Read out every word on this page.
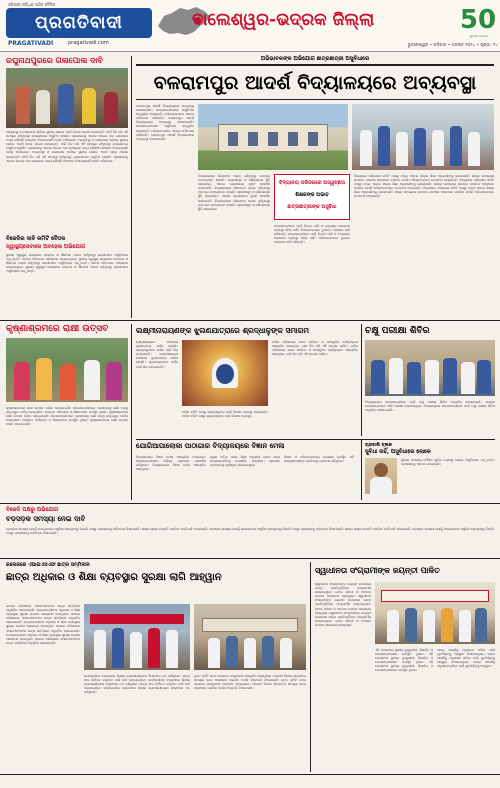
ଓଡ଼ିଶାର ସର୍ବାଧିକ ପଠିତ ଦୈନିକ
ପ୍ରଗତିବାଦୀ
PRAGATIVADI	pragativadi.com
ବାଲେଶ୍ୱର-ଭଦ୍ରକ ଜିଲ୍ଲା	50
ସୁବର୍ଣ୍ଣ ଜୟନ୍ତୀ
ଭୁବନେଶ୍ୱର • ରବିବାର • ଅଗଷ୍ଟ ୨୦୨୪ • ପୃଷ୍ଠା: ୧୪
ରଘୁନାଥପୁରରେ ଗଳାପୋଲ ଦାବି
ଅବ୍ୟବସ୍ଥା ଓ ଗଳାପୋଲ ଦାବିରେ ସ୍ଥାନୀୟ ଲୋକେ ଏକାଠି ହୋଇ ଧାରଣା ଦେଇଛନ୍ତି। ଦୀର୍ଘ ଦିନ ଧରି ଏହି ସମସ୍ୟା ରହିଥିବାରୁ ଯାତାୟାତରେ ଅସୁବିଧା ହେଉଛି। ପ୍ରଶାସନକୁ ଏନେଇ ଅନେକ ଥର ଜଣାଇଲେ ମଧ୍ୟ କୌଣସି ପଦକ୍ଷେପ ନିଆଯାଇନାହିଁ ବୋଲି ଅଭିଯୋଗ। ଅବ୍ୟବସ୍ଥା ଓ ଗଳାପୋଲ ଦାବିରେ ସ୍ଥାନୀୟ ଲୋକେ ଏକାଠି ହୋଇ ଧାରଣା ଦେଇଛନ୍ତି। ଦୀର୍ଘ ଦିନ ଧରି ଏହି ସମସ୍ୟା ରହିଥିବାରୁ ଯାତାୟାତରେ ଅସୁବିଧା ହେଉଛି। ପ୍ରଶାସନକୁ ଏନେଇ ଅନେକ ଥର ଜଣାଇଲେ ମଧ୍ୟ କୌଣସି ପଦକ୍ଷେପ ନିଆଯାଇନାହିଁ ବୋଲି ଅଭିଯୋଗ। ଅବ୍ୟବସ୍ଥା ଓ ଗଳାପୋଲ ଦାବିରେ ସ୍ଥାନୀୟ ଲୋକେ ଏକାଠି ହୋଇ ଧାରଣା ଦେଇଛନ୍ତି। ଦୀର୍ଘ ଦିନ ଧରି ଏହି ସମସ୍ୟା ରହିଥିବାରୁ ଯାତାୟାତରେ ଅସୁବିଧା ହେଉଛି। ପ୍ରଶାସନକୁ ଏନେଇ ଅନେକ ଥର ଜଣାଇଲେ ମଧ୍ୟ କୌଣସି ପଦକ୍ଷେପ ନିଆଯାଇନାହିଁ ବୋଲି ଅଭିଯୋଗ।
ବିଜେଡିର ଦାବି କମିଟି ବୈଠକ
ସ୍ୱାସ୍ଥ୍ୟସେବାରେ ଅବହେଳା ଅଭିଯୋଗ
ସ୍ଥାନୀୟ ସ୍ୱାସ୍ଥ୍ୟ କେନ୍ଦ୍ରରେ ଡାକ୍ତର ଓ ଔଷଧର ଅଭାବ ରହିଥିବାରୁ ରୋଗୀମାନେ ଅସୁବିଧାରେ ପଡ଼ୁଛନ୍ତି। ଏନେଇ ବୈଠକରେ ଆଲୋଚନା କରାଯାଇଥିଲା। ସ୍ଥାନୀୟ ସ୍ୱାସ୍ଥ୍ୟ କେନ୍ଦ୍ରରେ ଡାକ୍ତର ଓ ଔଷଧର ଅଭାବ ରହିଥିବାରୁ ରୋଗୀମାନେ ଅସୁବିଧାରେ ପଡ଼ୁଛନ୍ତି। ଏନେଇ ବୈଠକରେ ଆଲୋଚନା କରାଯାଇଥିଲା। ସ୍ଥାନୀୟ ସ୍ୱାସ୍ଥ୍ୟ କେନ୍ଦ୍ରରେ ଡାକ୍ତର ଓ ଔଷଧର ଅଭାବ ରହିଥିବାରୁ ରୋଗୀମାନେ ଅସୁବିଧାରେ ପଡ଼ୁଛନ୍ତି।
ଅଭିଭାବକଙ୍କ ଅଭିଯୋଗ ଛାତ୍ରଛାତ୍ରୀ ଅସୁବିଧାରେ
ବଳରାମପୁର ଆଦର୍ଶ ବିଦ୍ୟାଳୟରେ ଅବ୍ୟବସ୍ଥା
ବଳରାମପୁର ଆଦର୍ଶ ବିଦ୍ୟାଳୟରେ ଅବ୍ୟବସ୍ଥା ଦେଖାଦେଇଛି। ଛାତ୍ରଛାତ୍ରୀମାନେ ଅସୁବିଧାର ସମ୍ମୁଖୀନ ହେଉଛନ୍ତି। ଅଭିଭାବକମାନେ ଏନେଇ ଅଭିଯୋଗ କରିଛନ୍ତି। ବଳରାମପୁର ଆଦର୍ଶ ବିଦ୍ୟାଳୟରେ ଅବ୍ୟବସ୍ଥା ଦେଖାଦେଇଛି। ଛାତ୍ରଛାତ୍ରୀମାନେ ଅସୁବିଧାର ସମ୍ମୁଖୀନ ହେଉଛନ୍ତି। ଅଭିଭାବକମାନେ ଏନେଇ ଅଭିଯୋଗ କରିଛନ୍ତି। ବଳରାମପୁର ଆଦର୍ଶ ବିଦ୍ୟାଳୟରେ ଅବ୍ୟବସ୍ଥା ଦେଖାଦେଇଛି।
ବିଦ୍ୟାଳୟରେ ଶିକ୍ଷକଙ୍କ ଅଭାବ ରହିଥିବାରୁ ପାଠପଢ଼ା ବାଧାପ୍ରାପ୍ତ ହେଉଛି। ଶ୍ରେଣୀଗୃହ ଓ ଶୌଚାଳୟର ସ୍ଥିତି ଶୋଚନୀୟ। ଏନେଇ ପ୍ରଶାସନର ଦୃଷ୍ଟି ଆକର୍ଷଣ କରାଯାଇଛି। ବିଦ୍ୟାଳୟରେ ଶିକ୍ଷକଙ୍କ ଅଭାବ ରହିଥିବାରୁ ପାଠପଢ଼ା ବାଧାପ୍ରାପ୍ତ ହେଉଛି। ଶ୍ରେଣୀଗୃହ ଓ ଶୌଚାଳୟର ସ୍ଥିତି ଶୋଚନୀୟ। ଏନେଇ ପ୍ରଶାସନର ଦୃଷ୍ଟି ଆକର୍ଷଣ କରାଯାଇଛି। ବିଦ୍ୟାଳୟରେ ଶିକ୍ଷକଙ୍କ ଅଭାବ ରହିଥିବାରୁ ପାଠପଢ଼ା ବାଧାପ୍ରାପ୍ତ ହେଉଛି। ଶ୍ରେଣୀଗୃହ ଓ ଶୌଚାଳୟର ସ୍ଥିତି ଶୋଚନୀୟ।
ବିଦ୍ୟାଳୟ ପରିସରରେ ଅସ୍ୱଚ୍ଛତା
ଶିକ୍ଷକଙ୍କ ଅଭାବ
ଛାତ୍ରଛାତ୍ରୀଙ୍କ ଅସୁବିଧା
ଛାତ୍ରଛାତ୍ରୀଙ୍କ ପାଇଁ ପିଇବା ପାଣି ଓ ମଧ୍ୟାହ୍ନ ଭୋଜନର ବ୍ୟବସ୍ଥା ସଠିକ୍ ନାହିଁ। ଅଭିଭାବକମାନେ ତୁରନ୍ତ ପଦକ୍ଷେପ ଦାବି କରିଛନ୍ତି। ଛାତ୍ରଛାତ୍ରୀଙ୍କ ପାଇଁ ପିଇବା ପାଣି ଓ ମଧ୍ୟାହ୍ନ ଭୋଜନର ବ୍ୟବସ୍ଥା ସଠିକ୍ ନାହିଁ। ଅଭିଭାବକମାନେ ତୁରନ୍ତ ପଦକ୍ଷେପ ଦାବି କରିଛନ୍ତି।
ବିଦ୍ୟାଳୟ ପରିଚାଳନା କମିଟି ପକ୍ଷରୁ ମଧ୍ୟ ଏନେଇ ଜିଲ୍ଲା ଶିକ୍ଷା ଅଧିକାରୀଙ୍କୁ ଜଣାଯାଇଛି। ଶୀଘ୍ର ସମସ୍ୟାର ସମାଧାନ ନହେଲେ ଆନ୍ଦୋଳନ କରାଯିବ ବୋଲି ଅଭିଭାବକମାନେ ଚେତାବନୀ ଦେଇଛନ୍ତି। ବିଦ୍ୟାଳୟ ପରିଚାଳନା କମିଟି ପକ୍ଷରୁ ମଧ୍ୟ ଏନେଇ ଜିଲ୍ଲା ଶିକ୍ଷା ଅଧିକାରୀଙ୍କୁ ଜଣାଯାଇଛି। ଶୀଘ୍ର ସମସ୍ୟାର ସମାଧାନ ନହେଲେ ଆନ୍ଦୋଳନ କରାଯିବ ବୋଲି ଅଭିଭାବକମାନେ ଚେତାବନୀ ଦେଇଛନ୍ତି। ବିଦ୍ୟାଳୟ ପରିଚାଳନା କମିଟି ପକ୍ଷରୁ ମଧ୍ୟ ଏନେଇ ଜିଲ୍ଲା ଶିକ୍ଷା ଅଧିକାରୀଙ୍କୁ ଜଣାଯାଇଛି। ଶୀଘ୍ର ସମସ୍ୟାର ସମାଧାନ ନହେଲେ ଆନ୍ଦୋଳନ କରାଯିବ ବୋଲି ଅଭିଭାବକମାନେ ଚେତାବନୀ ଦେଇଛନ୍ତି।
କୃଷ୍ଣାଶ୍ରମରେ ରାକ୍ଷୀ ଉତ୍ସବ
କୃଷ୍ଣାଶ୍ରମରେ ରାକ୍ଷୀ ଉତ୍ସବ ପାଳିତ ହୋଇଯାଇଛି। ଛାତ୍ରଛାତ୍ରୀମାନେ ପରସ୍ପରକୁ ରାକ୍ଷୀ ବାନ୍ଧି ଭାତୃତ୍ୱର ବାର୍ତ୍ତା ଦେଇଥିଲେ। ଆଶ୍ରମ ପରିଚାଳକ ଓ ଶିକ୍ଷକମାନେ ଉପସ୍ଥିତ ଥିଲେ। କୃଷ୍ଣାଶ୍ରମରେ ରାକ୍ଷୀ ଉତ୍ସବ ପାଳିତ ହୋଇଯାଇଛି। ଛାତ୍ରଛାତ୍ରୀମାନେ ପରସ୍ପରକୁ ରାକ୍ଷୀ ବାନ୍ଧି ଭାତୃତ୍ୱର ବାର୍ତ୍ତା ଦେଇଥିଲେ। ଆଶ୍ରମ ପରିଚାଳକ ଓ ଶିକ୍ଷକମାନେ ଉପସ୍ଥିତ ଥିଲେ। କୃଷ୍ଣାଶ୍ରମରେ ରାକ୍ଷୀ ଉତ୍ସବ ପାଳିତ ହୋଇଯାଇଛି।
ଲକ୍ଷ୍ମୀନାରାୟଣଙ୍କ ଝୁଲଣଯାତ୍ରାରେ ଶ୍ରଦ୍ଧାଳୁଙ୍କ ସମାଗମ
ଲକ୍ଷ୍ମୀନାରାୟଣ ମନ୍ଦିରରେ ଝୁଲଣଯାତ୍ରା ପାଳିତ ହେଉଛି। ଶ୍ରଦ୍ଧାଳୁମାନେ ଦର୍ଶନ ପାଇଁ ଭିଡ଼ ଜମାଇଛନ୍ତି। ଲକ୍ଷ୍ମୀନାରାୟଣ ମନ୍ଦିରରେ ଝୁଲଣଯାତ୍ରା ପାଳିତ ହେଉଛି। ଶ୍ରଦ୍ଧାଳୁମାନେ ଦର୍ଶନ ପାଇଁ ଭିଡ଼ ଜମାଇଛନ୍ତି।
ମନ୍ଦିର ପରିସରରେ ଭଜନ କୀର୍ତ୍ତନ ଓ ସାଂସ୍କୃତିକ କାର୍ଯ୍ୟକ୍ରମ ଆୟୋଜିତ ହୋଇଥିଲା। ପାଞ୍ଚ ଦିନ ଧରି ଏହି ଉତ୍ସବ ଚାଲିବ। ମନ୍ଦିର ପରିସରରେ ଭଜନ କୀର୍ତ୍ତନ ଓ ସାଂସ୍କୃତିକ କାର୍ଯ୍ୟକ୍ରମ ଆୟୋଜିତ ହୋଇଥିଲା। ପାଞ୍ଚ ଦିନ ଧରି ଏହି ଉତ୍ସବ ଚାଲିବ।
ମନ୍ଦିର କମିଟି ପକ୍ଷରୁ ଶ୍ରଦ୍ଧାଳୁଙ୍କ ପାଇଁ ବିଶେଷ ବ୍ୟବସ୍ଥା କରାଯାଇଛି। ମନ୍ଦିର କମିଟି ପକ୍ଷରୁ ଶ୍ରଦ୍ଧାଳୁଙ୍କ ପାଇଁ ବିଶେଷ ବ୍ୟବସ୍ଥା।
ଚକ୍ଷୁ ପରୀକ୍ଷା ଶିବିର
ବିଦ୍ୟାଳୟରେ ଛାତ୍ରଛାତ୍ରୀଙ୍କ ପାଇଁ ଚକ୍ଷୁ ପରୀକ୍ଷା ଶିବିର ଅନୁଷ୍ଠିତ ହୋଇଯାଇଛି। ଶତାଧିକ ଛାତ୍ରଛାତ୍ରୀଙ୍କ ଆଖି ପରୀକ୍ଷା କରାଯାଇଥିଲା। ବିଦ୍ୟାଳୟରେ ଛାତ୍ରଛାତ୍ରୀଙ୍କ ପାଇଁ ଚକ୍ଷୁ ପରୀକ୍ଷା ଶିବିର ଅନୁଷ୍ଠିତ ହୋଇଯାଇଛି।
ଯୋଗିଆପାଲୋକା ପାଠାଗାର ବିଦ୍ୟାଳୟରେ ବିଜ୍ଞାନ ମେଳା
ବିଦ୍ୟାଳୟରେ ବିଜ୍ଞାନ ମେଳା ଆୟୋଜିତ ହୋଇଥିଲା। ଛାତ୍ରଛାତ୍ରୀମାନେ ବିଭିନ୍ନ ପ୍ରକଳ୍ପ ପ୍ରଦର୍ଶନ କରିଥିଲେ। ବିଦ୍ୟାଳୟରେ ବିଜ୍ଞାନ ମେଳା ଆୟୋଜିତ ହୋଇଥିଲା।
ମୁଖ୍ୟ ଅତିଥି ଭାବେ ଶିକ୍ଷା ଅଧିକାରୀ ଯୋଗ ଦେଇ ଛାତ୍ରଛାତ୍ରୀଙ୍କୁ ଉତ୍ସାହିତ କରିଥିଲେ। ଶ୍ରେଷ୍ଠ ପ୍ରକଳ୍ପକୁ ପୁରସ୍କୃତ କରାଯାଇଥିଲା।
ଶିକ୍ଷକ ଓ ଅଭିଭାବକମାନେ ମେଳାରେ ଉପସ୍ଥିତ ରହି ଛାତ୍ରଛାତ୍ରୀଙ୍କ ପ୍ରତିଭାକୁ ପ୍ରଶଂସା କରିଥିଲେ।
ଚାନ୍ଦବାଲି ବ୍ଲକ
ସୁବିଧା ନାହିଁ, ଅସୁବିଧାରେ ଲୋକେ
ସ୍ଥାନୀୟ ଅଞ୍ଚଳରେ ମୌଳିକ ସୁବିଧା ନଥିବାରୁ ଲୋକେ ଅସୁବିଧାରେ ପଡ଼ୁଛନ୍ତି। ପ୍ରଶାସନକୁ ଏନେଇ ଜଣାଯାଇଛି।
ବିଜେଡି ପକ୍ଷରୁ ଅଭିଯୋଗ
ବଡ଼ସଡ଼କ ସମସ୍ୟା ନେଇ ଦାବି
ବଡ଼ସଡ଼କ ସମସ୍ୟା ଯୋଗୁଁ ଯାତାୟାତରେ ଅସୁବିଧା ହେଉଥିବାରୁ ବିଜେଡି ପକ୍ଷରୁ ପ୍ରଶାସନକୁ ଦାବିପତ୍ର ଦିଆଯାଇଛି। ଶୀଘ୍ର ରାସ୍ତା ମରାମତି କରାଯିବା ପାଇଁ ଦାବି କରାଯାଇଛି। ବଡ଼ସଡ଼କ ସମସ୍ୟା ଯୋଗୁଁ ଯାତାୟାତରେ ଅସୁବିଧା ହେଉଥିବାରୁ ବିଜେଡି ପକ୍ଷରୁ ପ୍ରଶାସନକୁ ଦାବିପତ୍ର ଦିଆଯାଇଛି। ଶୀଘ୍ର ରାସ୍ତା ମରାମତି କରାଯିବା ପାଇଁ ଦାବି କରାଯାଇଛି। ବଡ଼ସଡ଼କ ସମସ୍ୟା ଯୋଗୁଁ ଯାତାୟାତରେ ଅସୁବିଧା ହେଉଥିବାରୁ ବିଜେଡି ପକ୍ଷରୁ ପ୍ରଶାସନକୁ ଦାବିପତ୍ର ଦିଆଯାଇଛି।
କଲେଜରେ ଏଆଇଏସଏଫ ଛାତ୍ର ସମ୍ମିଳନୀ
ଛାତ୍ର ଅଧିକାର ଓ ଶିକ୍ଷା ବ୍ୟବସ୍ଥାର ସୁରକ୍ଷା ଲାଗି ଆହ୍ୱାନ
କଲେଜ ପରିସରରେ ଏଆଇଏସଏଫର ଛାତ୍ର ସମ୍ମିଳନୀ ଅନୁଷ୍ଠିତ ହୋଇଯାଇଛି। ଛାତ୍ରଛାତ୍ରୀଙ୍କ ଅଧିକାର ଓ ଶିକ୍ଷା ବ୍ୟବସ୍ଥାର ସୁରକ୍ଷା ଉପରେ ଆଲୋଚନା ହୋଇଥିଲା। କଲେଜ ପରିସରରେ ଏଆଇଏସଏଫର ଛାତ୍ର ସମ୍ମିଳନୀ ଅନୁଷ୍ଠିତ ହୋଇଯାଇଛି। ଛାତ୍ରଛାତ୍ରୀଙ୍କ ଅଧିକାର ଓ ଶିକ୍ଷା ବ୍ୟବସ୍ଥାର ସୁରକ୍ଷା ଉପରେ ଆଲୋଚନା ହୋଇଥିଲା। କଲେଜ ପରିସରରେ ଏଆଇଏସଏଫର ଛାତ୍ର ସମ୍ମିଳନୀ ଅନୁଷ୍ଠିତ ହୋଇଯାଇଛି। ଛାତ୍ରଛାତ୍ରୀଙ୍କ ଅଧିକାର ଓ ଶିକ୍ଷା ବ୍ୟବସ୍ଥାର ସୁରକ୍ଷା ଉପରେ ଆଲୋଚନା ହୋଇଥିଲା। କଲେଜ ପରିସରରେ ଏଆଇଏସଏଫର ଛାତ୍ର ସମ୍ମିଳନୀ ଅନୁଷ୍ଠିତ ହୋଇଯାଇଛି।
ସମ୍ମିଳନୀରେ ବକ୍ତାମାନେ ଶିକ୍ଷାର ବ୍ୟବସାୟୀକରଣ ବିରୋଧରେ ମତ ରଖିଥିଲେ। ଛାତ୍ର ସଂଘ ନିର୍ବାଚନ କରାଯିବା ପାଇଁ ଦାବି କରାଯାଇଥିଲା। ସମ୍ମିଳନୀରେ ବକ୍ତାମାନେ ଶିକ୍ଷାର ବ୍ୟବସାୟୀକରଣ ବିରୋଧରେ ମତ ରଖିଥିଲେ। ଛାତ୍ର ସଂଘ ନିର୍ବାଚନ କରାଯିବା ପାଇଁ ଦାବି କରାଯାଇଥିଲା। ସମ୍ମିଳନୀରେ ବକ୍ତାମାନେ ଶିକ୍ଷାର ବ୍ୟବସାୟୀକରଣ ବିରୋଧରେ ମତ ରଖିଥିଲେ।
ନୂତନ କମିଟି ଗଠନ କରାଯାଇ ପଦାଧିକାରୀ ମନୋନୀତ ହୋଇଥିଲେ। ଆଗାମୀ ଦିନରେ ଛାତ୍ରଙ୍କ ସମସ୍ୟା ନେଇ ଆନ୍ଦୋଳନ କରାଯିବ ବୋଲି ନିଷ୍ପତ୍ତି ନିଆଯାଇଛି। ନୂତନ କମିଟି ଗଠନ କରାଯାଇ ପଦାଧିକାରୀ ମନୋନୀତ ହୋଇଥିଲେ। ଆଗାମୀ ଦିନରେ ଛାତ୍ରଙ୍କ ସମସ୍ୟା ନେଇ ଆନ୍ଦୋଳନ କରାଯିବ ବୋଲି ନିଷ୍ପତ୍ତି ନିଆଯାଇଛି।
ସ୍ୱାଧୀନତା ସଂଗ୍ରାମୀଙ୍କ ଜୟନ୍ତୀ ପାଳିତ
ସ୍ୱାଧୀନତା ସଂଗ୍ରାମୀଙ୍କ ଜୟନ୍ତୀ ଉପଲକ୍ଷେ ତାଙ୍କ ପ୍ରତିମୂର୍ତ୍ତିରେ ମାଲ୍ୟାର୍ପଣ କରାଯାଇଥିଲା। ତାଙ୍କ ଜୀବନୀ ଓ ଅବଦାନ ଉପରେ ଆଲୋଚନା ହୋଇଥିଲା। ସ୍ୱାଧୀନତା ସଂଗ୍ରାମୀଙ୍କ ଜୟନ୍ତୀ ଉପଲକ୍ଷେ ତାଙ୍କ ପ୍ରତିମୂର୍ତ୍ତିରେ ମାଲ୍ୟାର୍ପଣ କରାଯାଇଥିଲା। ତାଙ୍କ ଜୀବନୀ ଓ ଅବଦାନ ଉପରେ ଆଲୋଚନା ହୋଇଥିଲା। ସ୍ୱାଧୀନତା ସଂଗ୍ରାମୀଙ୍କ ଜୟନ୍ତୀ ଉପଲକ୍ଷେ ତାଙ୍କ ପ୍ରତିମୂର୍ତ୍ତିରେ ମାଲ୍ୟାର୍ପଣ କରାଯାଇଥିଲା। ତାଙ୍କ ଜୀବନୀ ଓ ଅବଦାନ ଉପରେ ଆଲୋଚନା ହୋଇଥିଲା।
ଏହି ଅବସରରେ ସ୍ଥାନୀୟ ବୁଦ୍ଧିଜୀବୀ, ଶିକ୍ଷାବିତ୍ ଓ ଛାତ୍ରଛାତ୍ରୀମାନେ ଉପସ୍ଥିତ ଥିଲେ। ଏହି ଅବସରରେ ସ୍ଥାନୀୟ ବୁଦ୍ଧିଜୀବୀ, ଶିକ୍ଷାବିତ୍ ଓ ଛାତ୍ରଛାତ୍ରୀମାନେ ଉପସ୍ଥିତ ଥିଲେ। ଏହି ଅବସରରେ ସ୍ଥାନୀୟ ବୁଦ୍ଧିଜୀବୀ, ଶିକ୍ଷାବିତ୍ ଓ ଛାତ୍ରଛାତ୍ରୀମାନେ ଉପସ୍ଥିତ ଥିଲେ।
ତାଙ୍କ ଆଦର୍ଶକୁ ଅନୁସରଣ କରିବା ପାଇଁ ଯୁବପିଢ଼ିଙ୍କୁ ଆହ୍ୱାନ ଦିଆଯାଇଥିଲା। ତାଙ୍କ ଆଦର୍ଶକୁ ଅନୁସରଣ କରିବା ପାଇଁ ଯୁବପିଢ଼ିଙ୍କୁ ଆହ୍ୱାନ ଦିଆଯାଇଥିଲା। ତାଙ୍କ ଆଦର୍ଶକୁ ଅନୁସରଣ କରିବା ପାଇଁ ଯୁବପିଢ଼ିଙ୍କୁ ଆହ୍ୱାନ।
